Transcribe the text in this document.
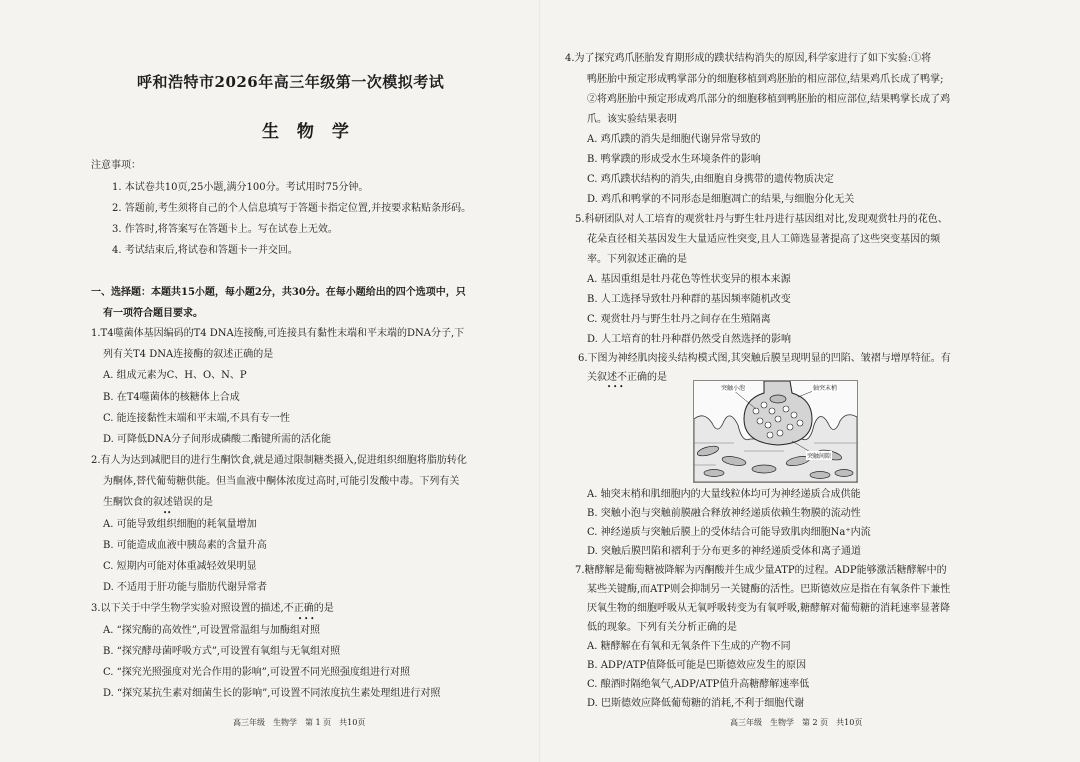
呼和浩特市2026年高三年级第一次模拟考试
生 物 学
注意事项：
1. 本试卷共10页,25小题,满分100分。考试用时75分钟。
2. 答题前,考生须将自己的个人信息填写于答题卡指定位置,并按要求粘贴条形码。
3. 作答时,将答案写在答题卡上。写在试卷上无效。
4. 考试结束后,将试卷和答题卡一并交回。
一、选择题：本题共15小题，每小题2分，共30分。在每小题给出的四个选项中，只
有一项符合题目要求。
1.T4噬菌体基因编码的T4 DNA连接酶,可连接具有黏性末端和平末端的DNA分子,下
列有关T4 DNA连接酶的叙述正确的是
A. 组成元素为C、H、O、N、P
B. 在T4噬菌体的核糖体上合成
C. 能连接黏性末端和平末端,不具有专一性
D. 可降低DNA分子间形成磷酸二酯键所需的活化能
2.有人为达到减肥目的进行生酮饮食,就是通过限制糖类摄入,促进组织细胞将脂肪转化
为酮体,替代葡萄糖供能。但当血液中酮体浓度过高时,可能引发酸中毒。下列有关
生酮饮食的叙述错误的是
••
A. 可能导致组织细胞的耗氧量增加
B. 可能造成血液中胰岛素的含量升高
C. 短期内可能对体重减轻效果明显
D. 不适用于肝功能与脂肪代谢异常者
3.以下关于中学生物学实验对照设置的描述,不正确的是
•••
A. “探究酶的高效性”,可设置常温组与加酶组对照
B. “探究酵母菌呼吸方式”,可设置有氧组与无氧组对照
C. “探究光照强度对光合作用的影响”,可设置不同光照强度组进行对照
D. “探究某抗生素对细菌生长的影响”,可设置不同浓度抗生素处理组进行对照
高三年级　生物学　第 1 页　共10页
4.为了探究鸡爪胚胎发育期形成的蹼状结构消失的原因,科学家进行了如下实验:①将
鸭胚胎中预定形成鸭掌部分的细胞移植到鸡胚胎的相应部位,结果鸡爪长成了鸭掌;
②将鸡胚胎中预定形成鸡爪部分的细胞移植到鸭胚胎的相应部位,结果鸭掌长成了鸡
爪。该实验结果表明
A. 鸡爪蹼的消失是细胞代谢异常导致的
B. 鸭掌蹼的形成受水生环境条件的影响
C. 鸡爪蹼状结构的消失,由细胞自身携带的遗传物质决定
D. 鸡爪和鸭掌的不同形态是细胞凋亡的结果,与细胞分化无关
5.科研团队对人工培育的观赏牡丹与野生牡丹进行基因组对比,发现观赏牡丹的花色、
花朵直径相关基因发生大量适应性突变,且人工筛选显著提高了这些突变基因的频
率。下列叙述正确的是
A. 基因重组是牡丹花色等性状变异的根本来源
B. 人工选择导致牡丹种群的基因频率随机改变
C. 观赏牡丹与野生牡丹之间存在生殖隔离
D. 人工培育的牡丹种群仍然受自然选择的影响
6.下图为神经肌肉接头结构模式图,其突触后膜呈现明显的凹陷、皱褶与增厚特征。有
关叙述不正确的是
•••	突触小泡	轴突末梢
突触间隙
A. 轴突末梢和肌细胞内的大量线粒体均可为神经递质合成供能
B. 突触小泡与突触前膜融合释放神经递质依赖生物膜的流动性
C. 神经递质与突触后膜上的受体结合可能导致肌肉细胞Na⁺内流
D. 突触后膜凹陷和褶利于分布更多的神经递质受体和离子通道
7.糖酵解是葡萄糖被降解为丙酮酸并生成少量ATP的过程。ADP能够激活糖酵解中的
某些关键酶,而ATP则会抑制另一关键酶的活性。巴斯德效应是指在有氧条件下兼性
厌氧生物的细胞呼吸从无氧呼吸转变为有氧呼吸,糖酵解对葡萄糖的消耗速率显著降
低的现象。下列有关分析正确的是
A. 糖酵解在有氧和无氧条件下生成的产物不同
B. ADP/ATP值降低可能是巴斯德效应发生的原因
C. 酿酒时隔绝氧气,ADP/ATP值升高糖酵解速率低
D. 巴斯德效应降低葡萄糖的消耗,不利于细胞代谢
高三年级　生物学　第 2 页　共10页
